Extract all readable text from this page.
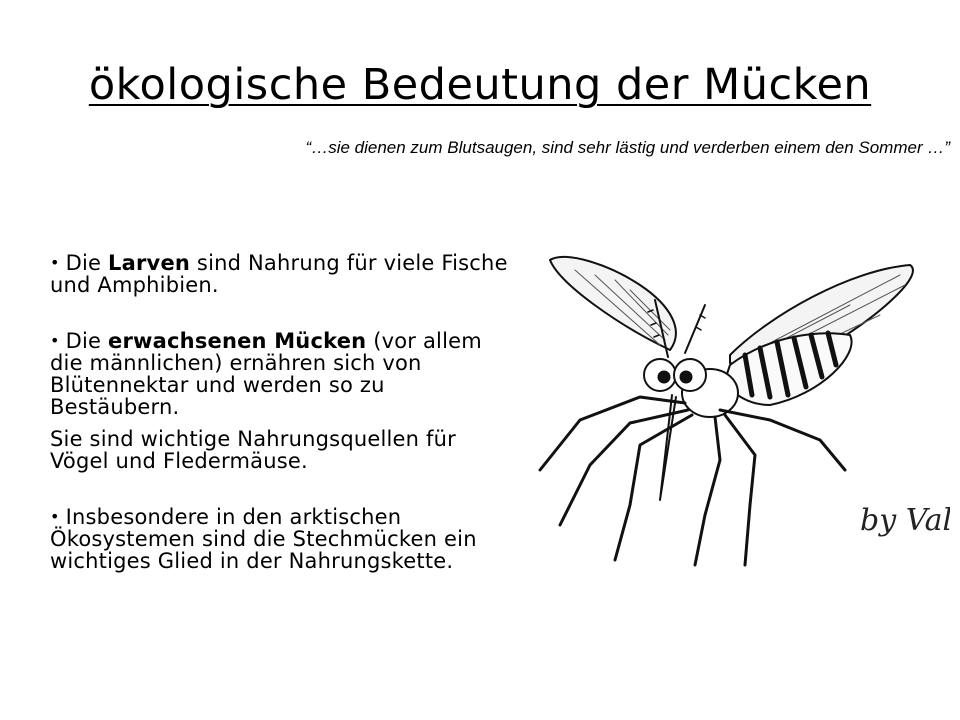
ökologische Bedeutung der Mücken
“…sie dienen zum Blutsaugen, sind sehr lästig und verderben einem den Sommer …”

• Die Larven sind Nahrung für viele Fische und Amphibien.

• Die erwachsenen Mücken (vor allem die männlichen) ernähren sich von Blütennektar und werden so zu Bestäubern.

Sie sind wichtige Nahrungsquellen für Vögel und Fledermäuse.

• Insbesondere in den arktischen Ökosystemen sind die Stechmücken ein wichtiges Glied in der Nahrungskette.

by Val
